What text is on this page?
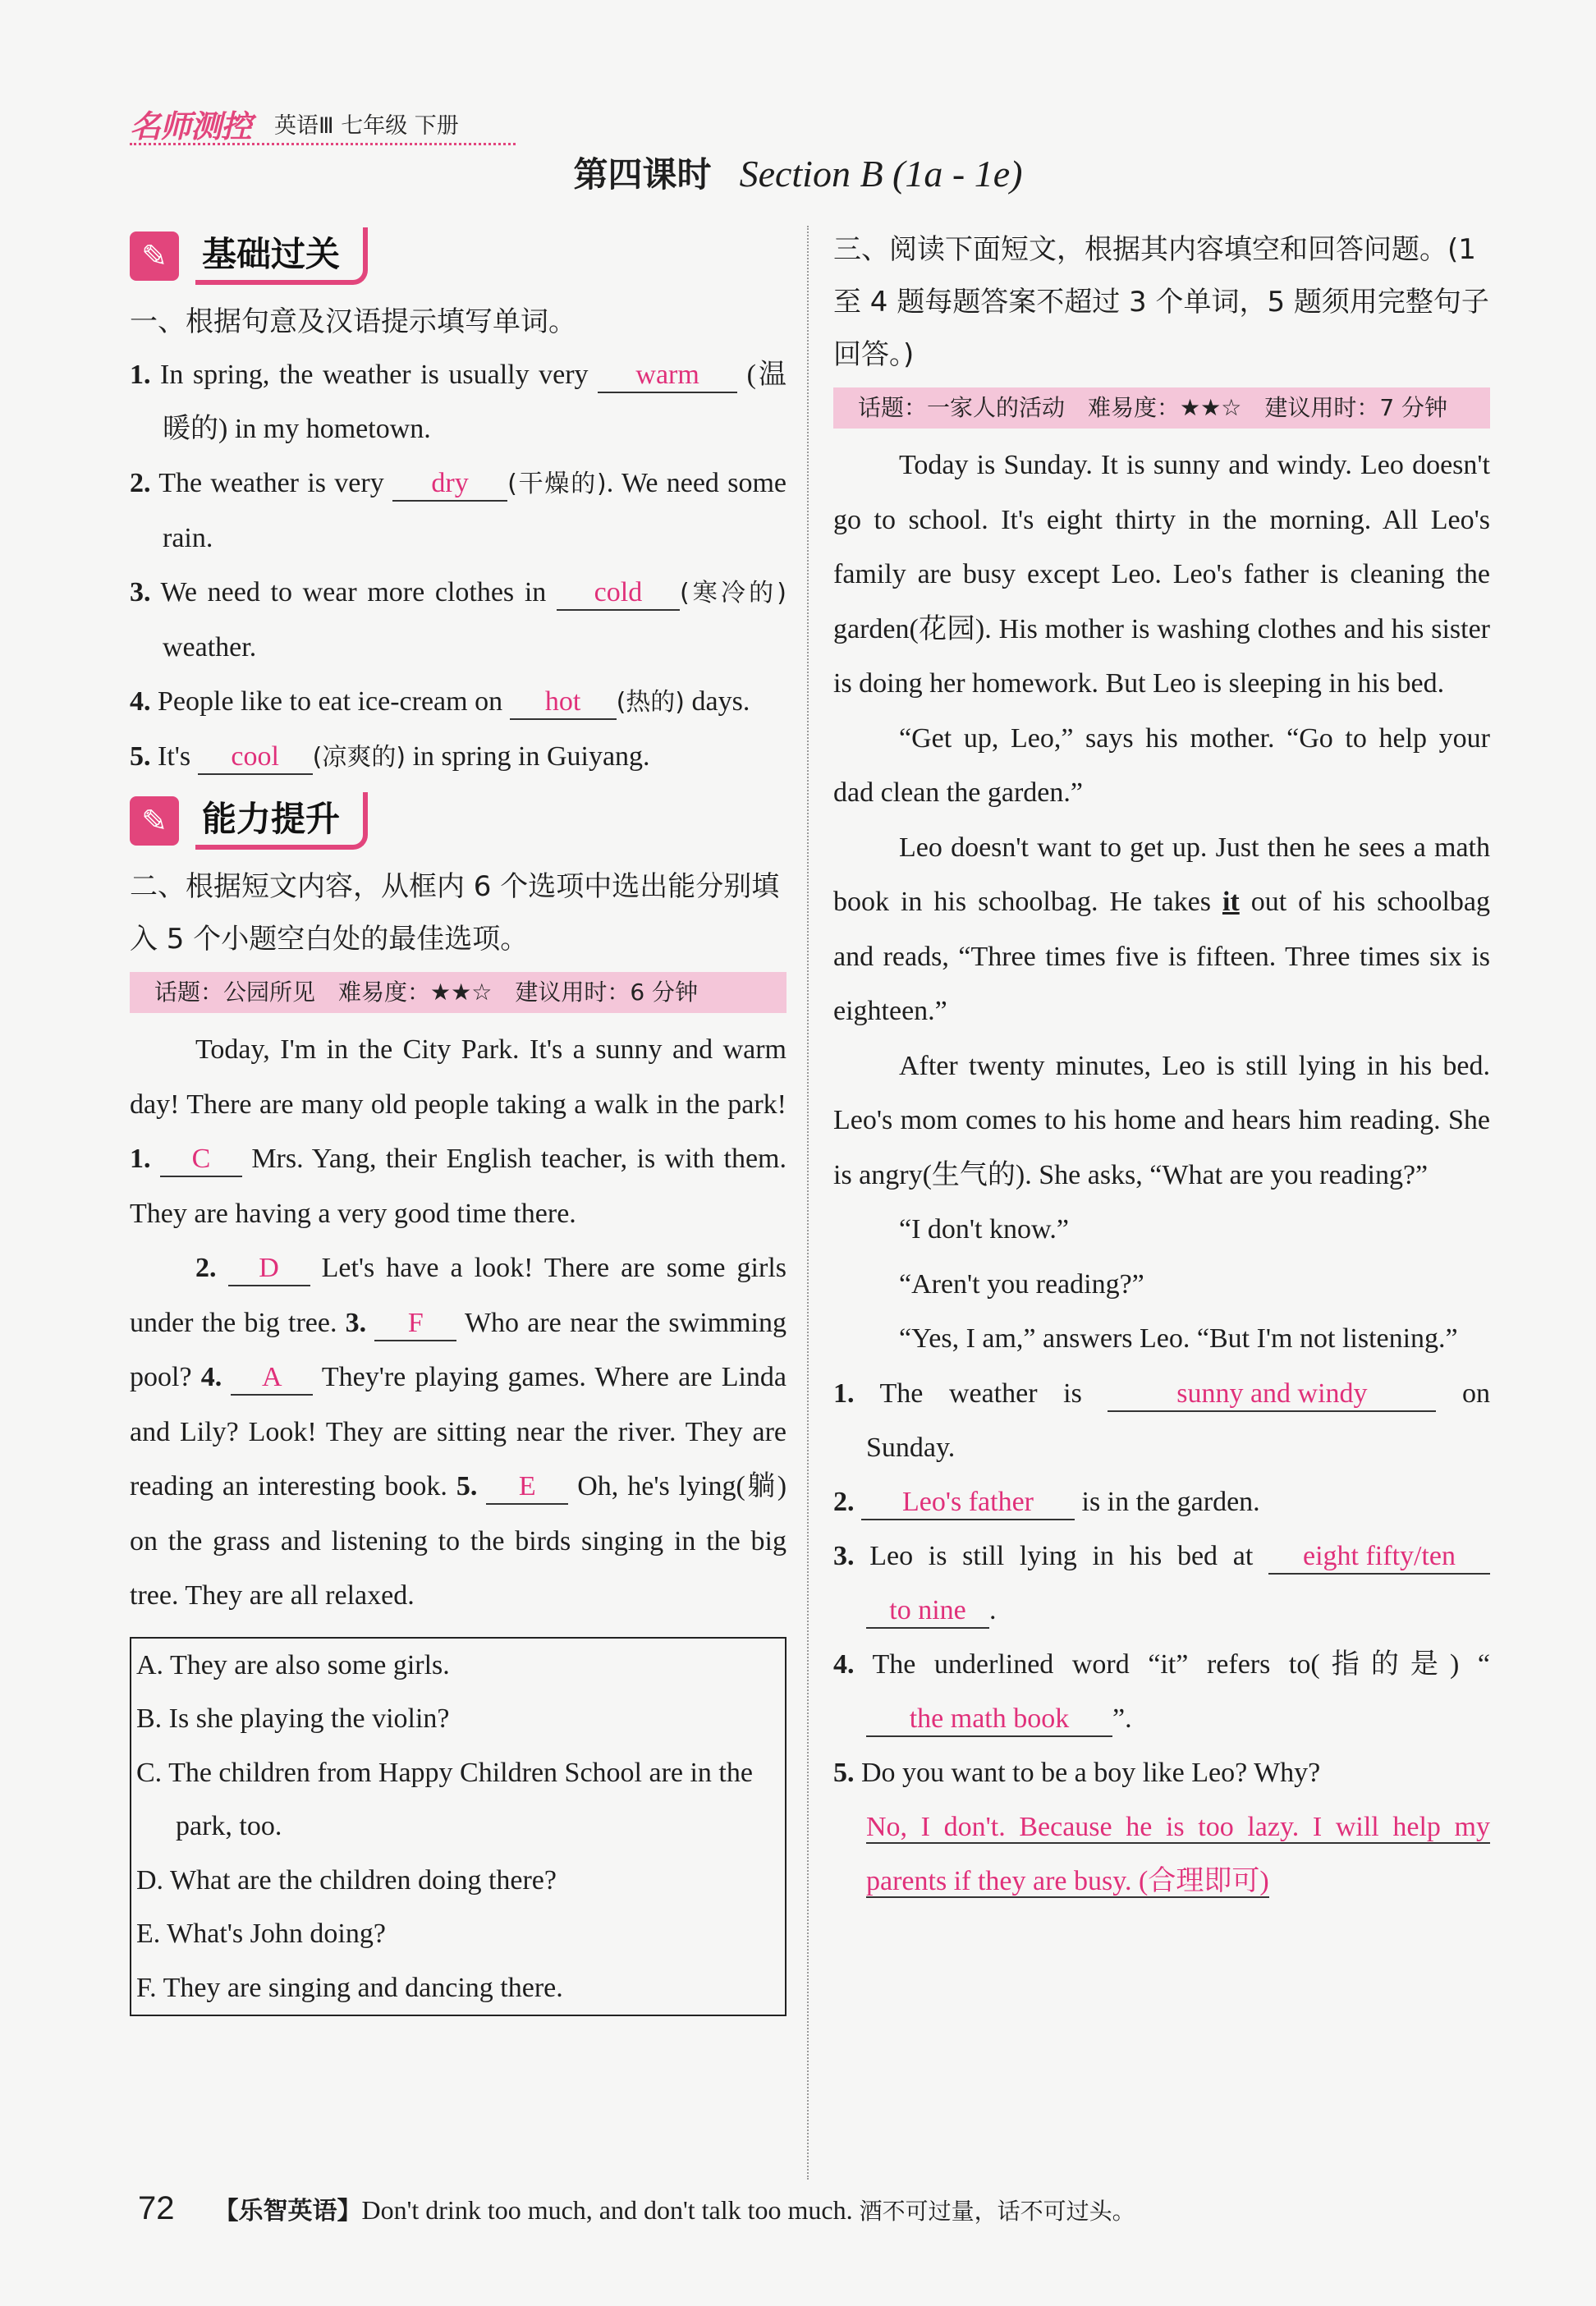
名师测控 英语Ⅲ 七年级 下册
第四课时 Section B (1a - 1e)
✎	基础过关
一、根据句意及汉语提示填写单词。
1. In spring, the weather is usually very warm (温暖的) in my hometown.
2. The weather is very dry (干燥的). We need some rain.
3. We need to wear more clothes in cold (寒冷的) weather.
4. People like to eat ice-cream on hot (热的) days.
5. It's cool (凉爽的) in spring in Guiyang.
✎	能力提升
二、根据短文内容，从框内 6 个选项中选出能分别填入 5 个小题空白处的最佳选项。
话题：公园所见 难易度：★★☆ 建议用时：6 分钟
Today, I'm in the City Park. It's a sunny and warm day! There are many old people taking a walk in the park! 1. C Mrs. Yang, their English teacher, is with them. They are having a very good time there.
2. D Let's have a look! There are some girls under the big tree. 3. F Who are near the swimming pool? 4. A They're playing games. Where are Linda and Lily? Look! They are sitting near the river. They are reading an interesting book. 5. E Oh, he's lying(躺) on the grass and listening to the birds singing in the big tree. They are all relaxed.
A. They are also some girls.
B. Is she playing the violin?
C. The children from Happy Children School are in the park, too.
D. What are the children doing there?
E. What's John doing?
F. They are singing and dancing there.
三、阅读下面短文，根据其内容填空和回答问题。(1 至 4 题每题答案不超过 3 个单词，5 题须用完整句子回答。)
话题：一家人的活动 难易度：★★☆ 建议用时：7 分钟
Today is Sunday. It is sunny and windy. Leo doesn't go to school. It's eight thirty in the morning. All Leo's family are busy except Leo. Leo's father is cleaning the garden(花园). His mother is washing clothes and his sister is doing her homework. But Leo is sleeping in his bed.
“Get up, Leo,” says his mother. “Go to help your dad clean the garden.”
Leo doesn't want to get up. Just then he sees a math book in his schoolbag. He takes it out of his schoolbag and reads, “Three times five is fifteen. Three times six is eighteen.”
After twenty minutes, Leo is still lying in his bed. Leo's mom comes to his home and hears him reading. She is angry(生气的). She asks, “What are you reading?”
“I don't know.”
“Aren't you reading?”
“Yes, I am,” answers Leo. “But I'm not listening.”
1. The weather is	sunny and windy	on Sunday.
2. Leo's father is in the garden.
3. Leo is still lying in his bed at eight fifty/ten to nine .
4. The underlined word “it” refers to(指的是) “the math book ”.
5. Do you want to be a boy like Leo? Why?
No, I don't. Because he is too lazy. I will help my parents if they are busy. (合理即可)
72 【乐智英语】Don't drink too much, and don't talk too much. 酒不可过量，话不可过头。
